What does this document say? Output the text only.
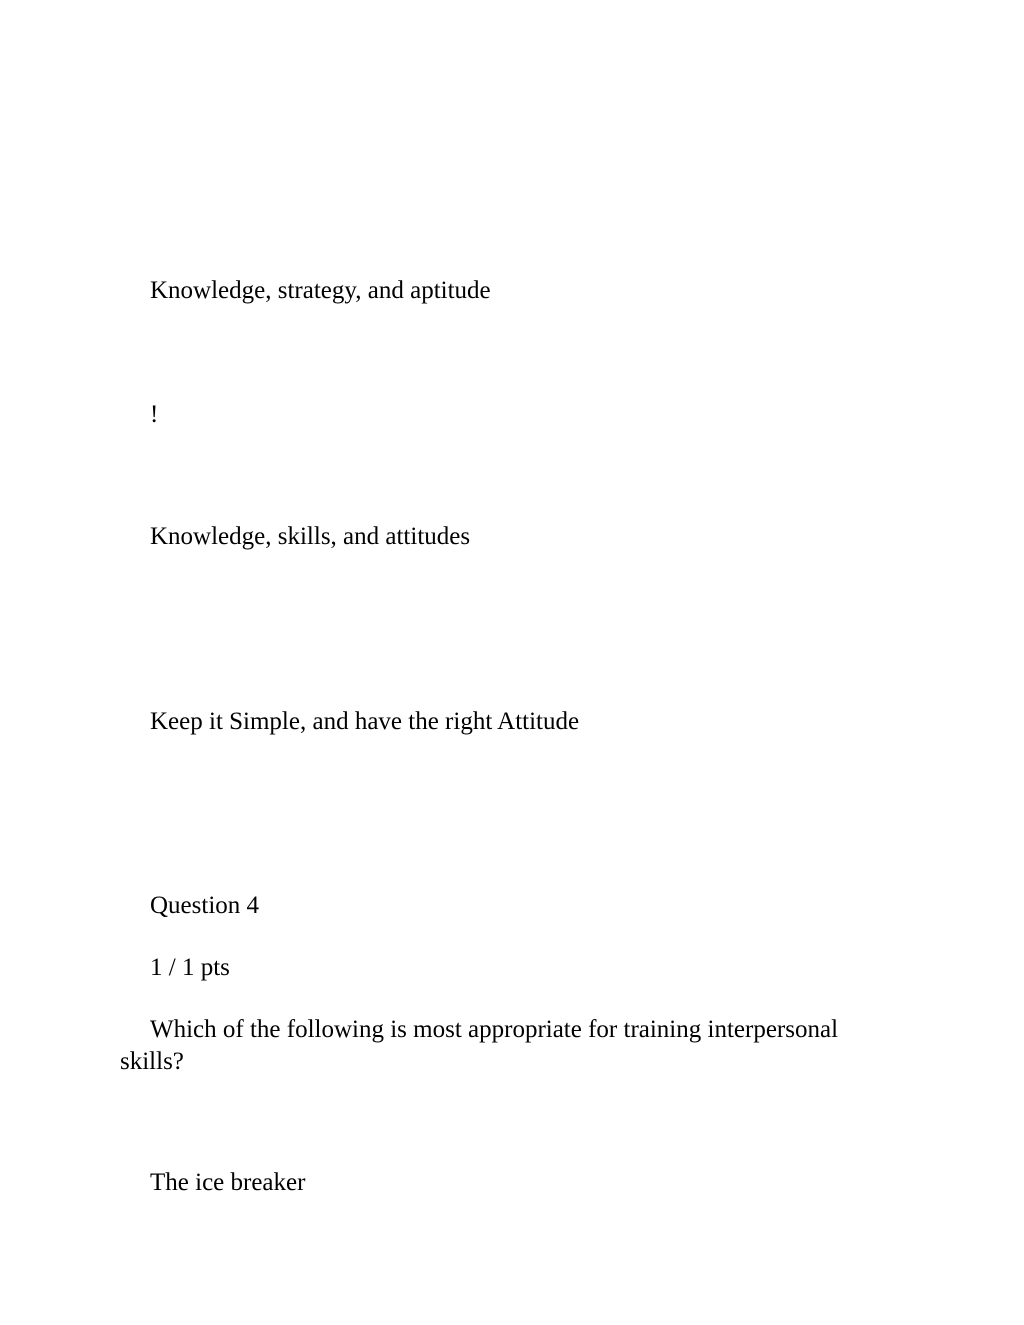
Knowledge, strategy, and aptitude
!
Knowledge, skills, and attitudes
Keep it Simple, and have the right Attitude
Question 4
1 / 1 pts
Which of the following is most appropriate for training interpersonal skills?
The ice breaker
